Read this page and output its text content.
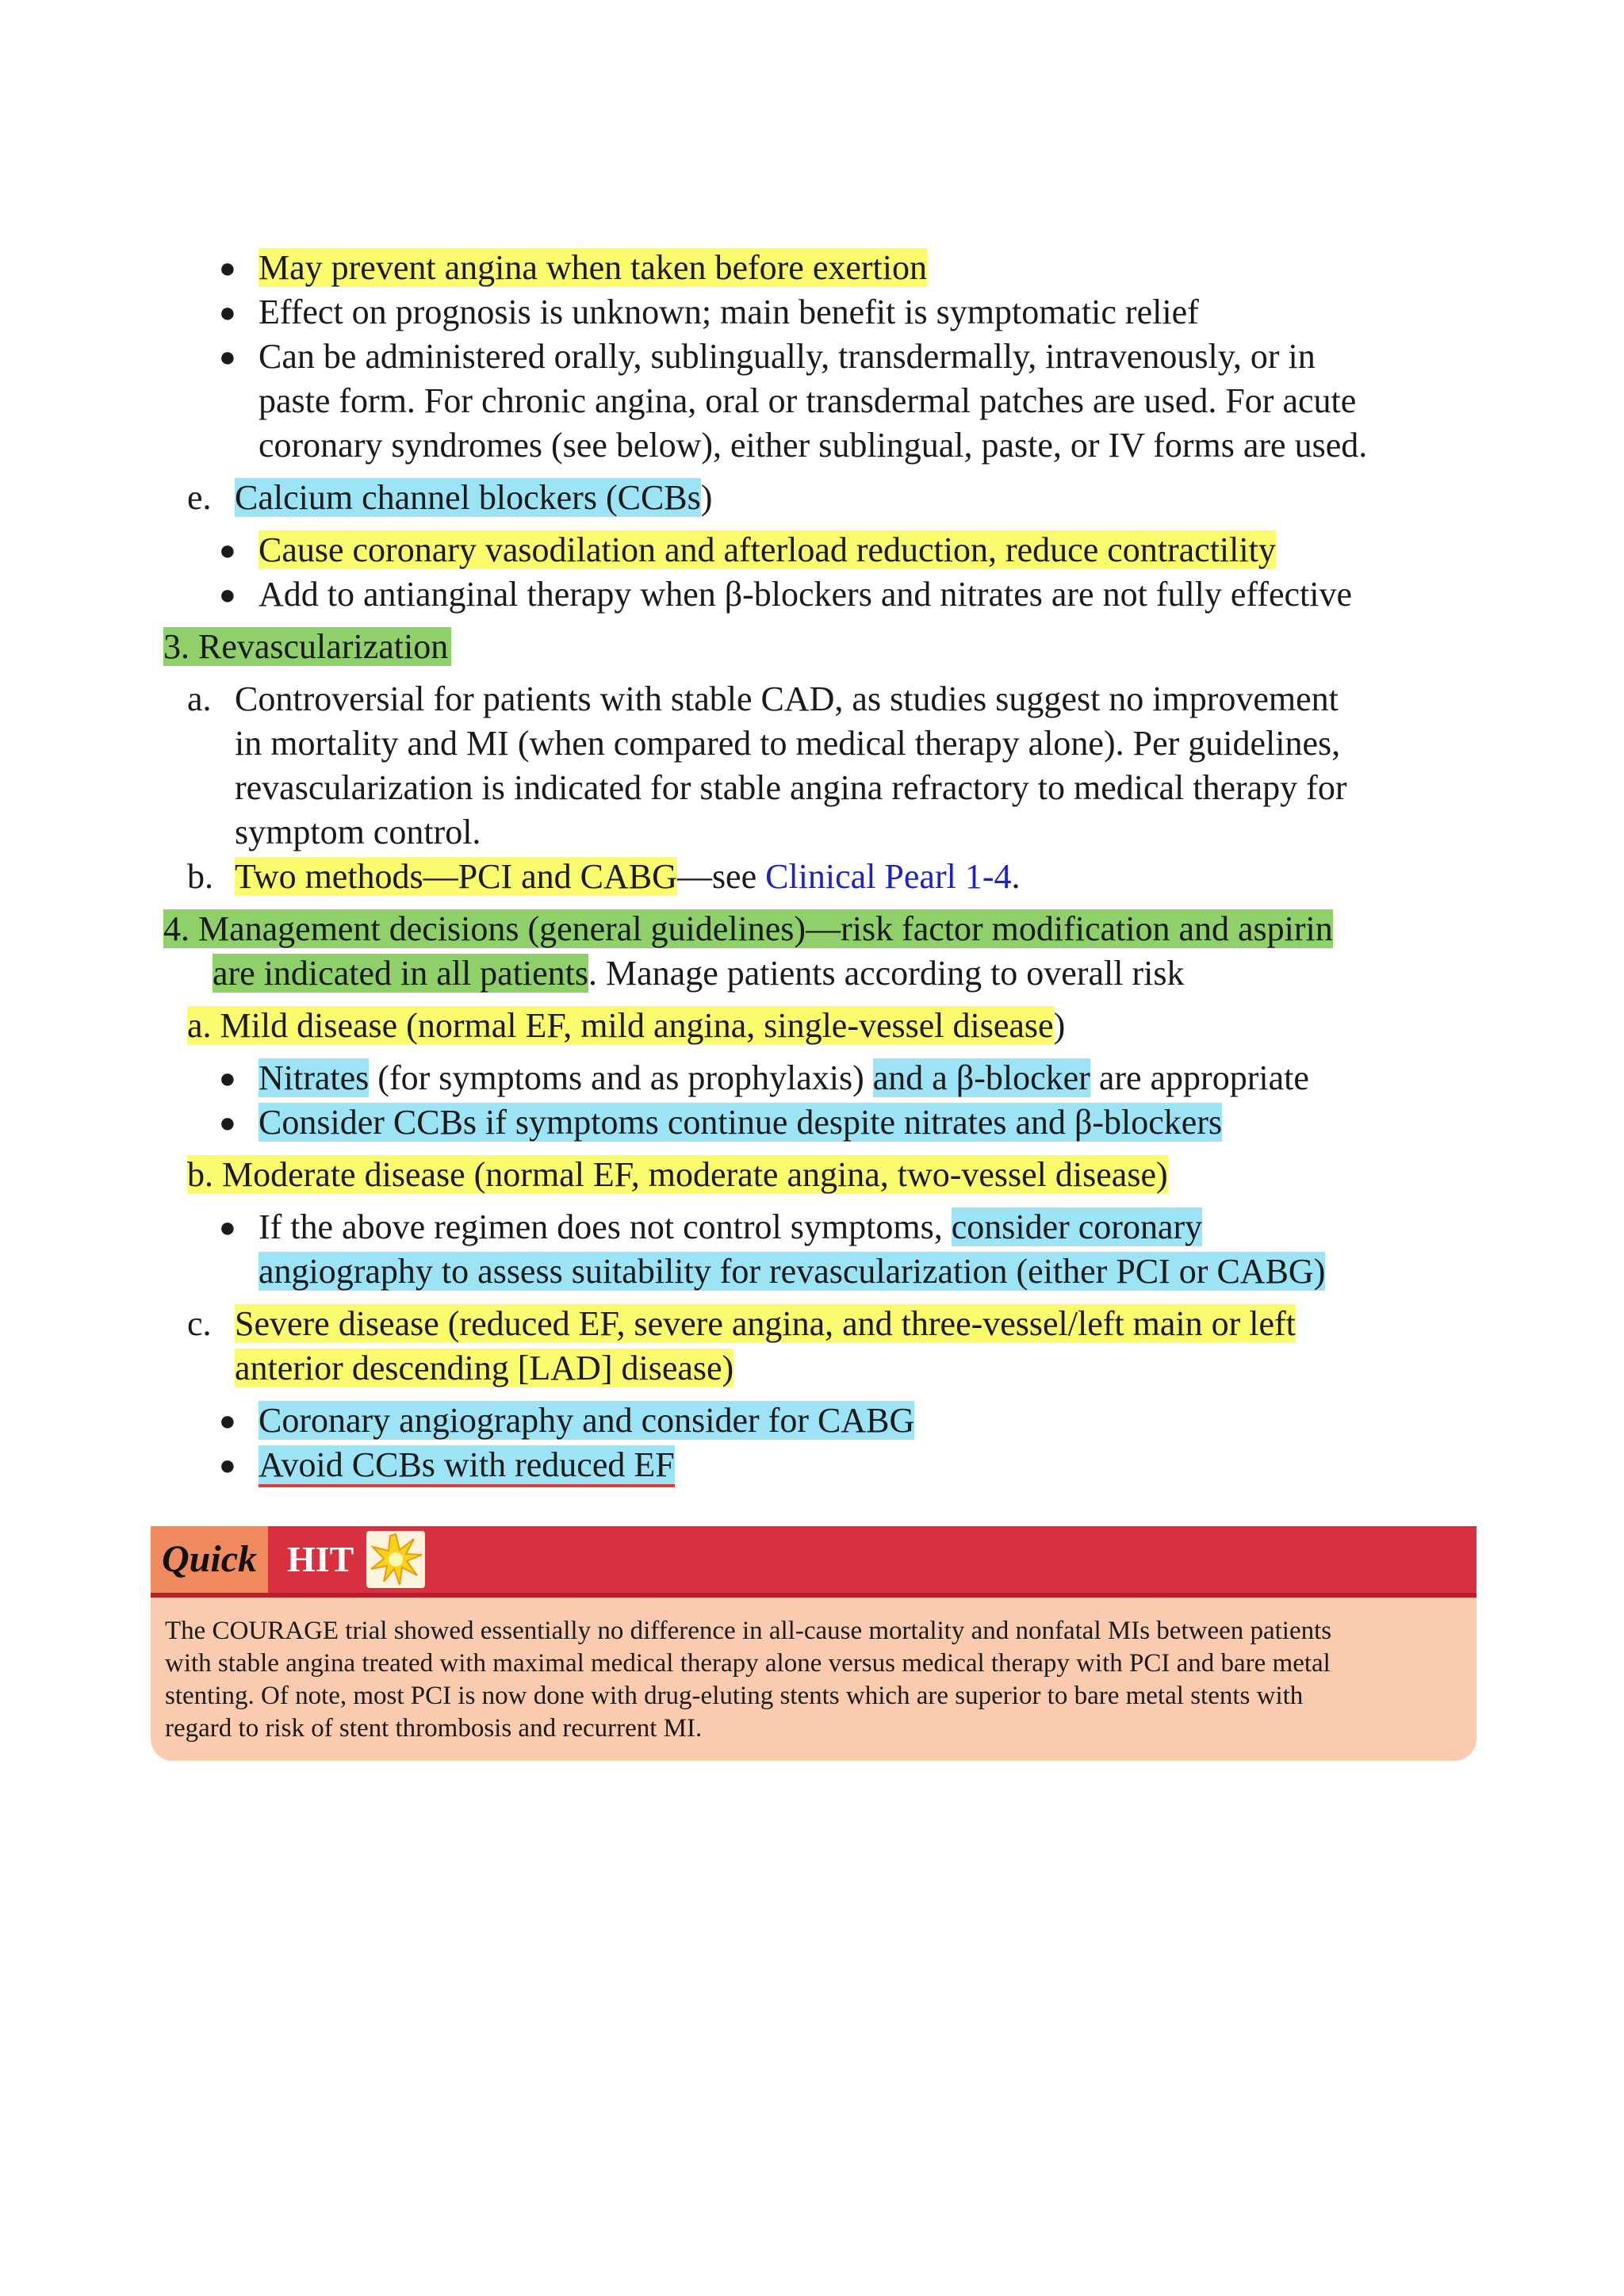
● May prevent angina when taken before exertion
● Effect on prognosis is unknown; main benefit is symptomatic relief
● Can be administered orally, sublingually, transdermally, intravenously, or in
paste form. For chronic angina, oral or transdermal patches are used. For acute
coronary syndromes (see below), either sublingual, paste, or IV forms are used.
e. Calcium channel blockers (CCBs)
● Cause coronary vasodilation and afterload reduction, reduce contractility
● Add to antianginal therapy when β-blockers and nitrates are not fully effective
3. Revascularization
a. Controversial for patients with stable CAD, as studies suggest no improvement
in mortality and MI (when compared to medical therapy alone). Per guidelines,
revascularization is indicated for stable angina refractory to medical therapy for
symptom control.
b. Two methods—PCI and CABG—see Clinical Pearl 1-4.
4. Management decisions (general guidelines)—risk factor modification and aspirin
are indicated in all patients. Manage patients according to overall risk
a. Mild disease (normal EF, mild angina, single-vessel disease)
● Nitrates (for symptoms and as prophylaxis) and a β-blocker are appropriate
● Consider CCBs if symptoms continue despite nitrates and β-blockers
b. Moderate disease (normal EF, moderate angina, two-vessel disease)
● If the above regimen does not control symptoms, consider coronary
angiography to assess suitability for revascularization (either PCI or CABG)
c. Severe disease (reduced EF, severe angina, and three-vessel/left main or left
anterior descending [LAD] disease)
● Coronary angiography and consider for CABG
● Avoid CCBs with reduced EF
Quick HIT
The COURAGE trial showed essentially no difference in all-cause mortality and nonfatal MIs between patients
with stable angina treated with maximal medical therapy alone versus medical therapy with PCI and bare metal
stenting. Of note, most PCI is now done with drug-eluting stents which are superior to bare metal stents with
regard to risk of stent thrombosis and recurrent MI.
